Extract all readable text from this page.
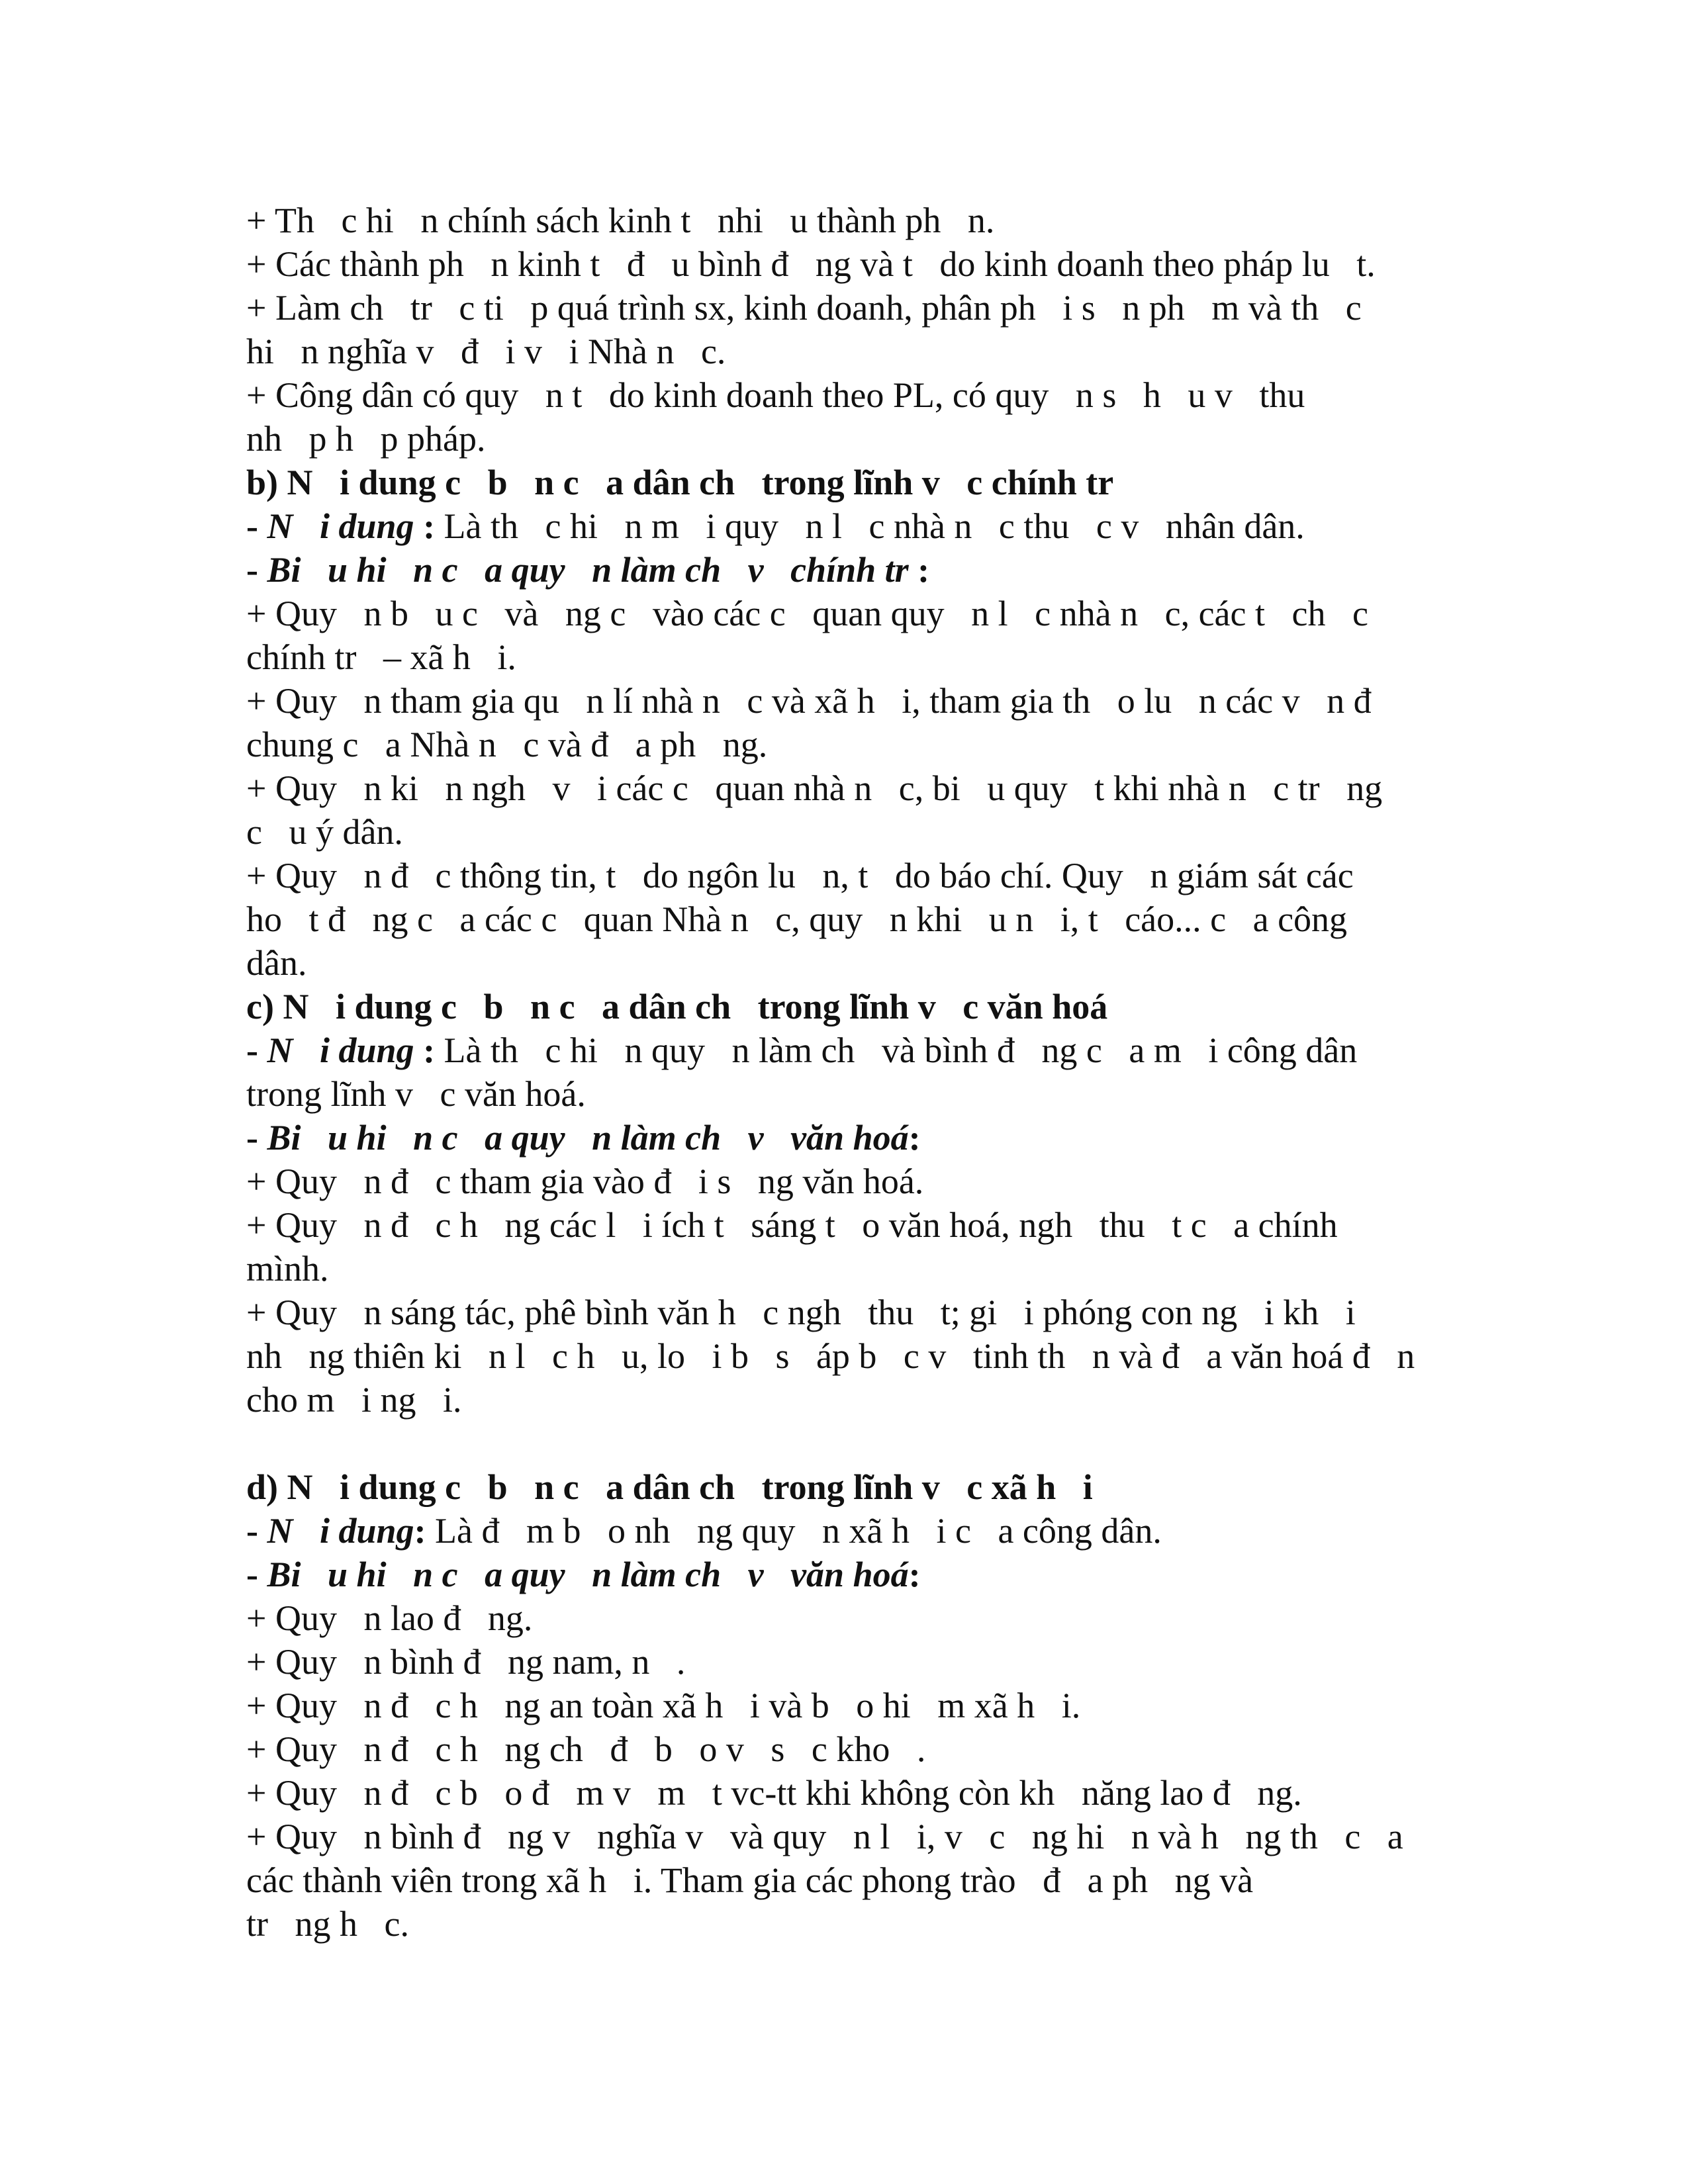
+ Th   c hi   n chính sách kinh t   nhi   u thành ph   n.

+ Các thành ph   n kinh t   đ   u bình đ   ng và t   do kinh doanh theo pháp lu   t.

+ Làm ch   tr   c ti   p quá trình sx, kinh doanh, phân ph   i s   n ph   m và th   c

hi   n nghĩa v   đ   i v   i Nhà n   c.

+ Công dân có quy   n t   do kinh doanh theo PL, có quy   n s   h   u v   thu

nh   p h   p pháp.

b) N   i dung c   b   n c   a dân ch   trong lĩnh v   c chính tr

- N   i dung : Là th   c hi   n m   i quy   n l   c nhà n   c thu   c v   nhân dân.

- Bi   u hi   n c   a quy   n làm ch   v   chính tr :

+ Quy   n b   u c   và   ng c   vào các c   quan quy   n l   c nhà n   c, các t   ch   c

chính tr   – xã h   i.

+ Quy   n tham gia qu   n lí nhà n   c và xã h   i, tham gia th   o lu   n các v   n đ

chung c   a Nhà n   c và đ   a ph   ng.

+ Quy   n ki   n ngh   v   i các c   quan nhà n   c, bi   u quy   t khi nhà n   c tr   ng

c   u ý dân.

+ Quy   n đ   c thông tin, t   do ngôn lu   n, t   do báo chí. Quy   n giám sát các

ho   t đ   ng c   a các c   quan Nhà n   c, quy   n khi   u n   i, t   cáo... c   a công

dân.

c) N   i dung c   b   n c   a dân ch   trong lĩnh v   c văn hoá

- N   i dung : Là th   c hi   n quy   n làm ch   và bình đ   ng c   a m   i công dân

trong lĩnh v   c văn hoá.

- Bi   u hi   n c   a quy   n làm ch   v   văn hoá:

+ Quy   n đ   c tham gia vào đ   i s   ng văn hoá.

+ Quy   n đ   c h   ng các l   i ích t   sáng t   o văn hoá, ngh   thu   t c   a chính

mình.

+ Quy   n sáng tác, phê bình văn h   c ngh   thu   t; gi   i phóng con ng   i kh   i

nh   ng thiên ki   n l   c h   u, lo   i b   s   áp b   c v   tinh th   n và đ   a văn hoá đ   n

cho m   i ng   i.

d) N   i dung c   b   n c   a dân ch   trong lĩnh v   c xã h   i

- N   i dung: Là đ   m b   o nh   ng quy   n xã h   i c   a công dân.

- Bi   u hi   n c   a quy   n làm ch   v   văn hoá:

+ Quy   n lao đ   ng.

+ Quy   n bình đ   ng nam, n   .

+ Quy   n đ   c h   ng an toàn xã h   i và b   o hi   m xã h   i.

+ Quy   n đ   c h   ng ch   đ   b   o v   s   c kho   .

+ Quy   n đ   c b   o đ   m v   m   t vc-tt khi không còn kh   năng lao đ   ng.

+ Quy   n bình đ   ng v   nghĩa v   và quy   n l   i, v   c   ng hi   n và h   ng th   c   a

các thành viên trong xã h   i. Tham gia các phong trào   đ   a ph   ng và

tr   ng h   c.
